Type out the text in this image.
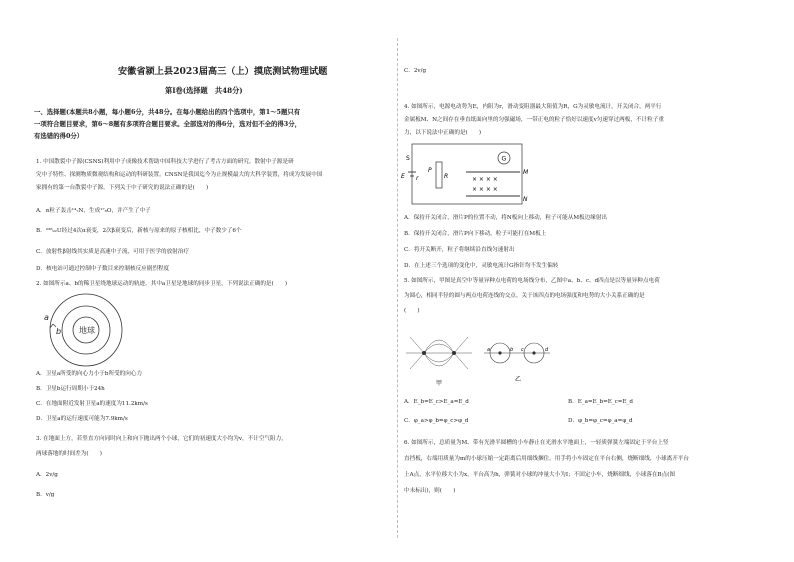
安徽省颍上县2023届高三（上）摸底测试物理试题
第Ⅰ卷(选择题　共48分)
一、选择题(本题共8小题，每小题6分，共48分。在每小题给出的四个选项中，第1～5题只有
一项符合题目要求，第6～8题有多项符合题目要求。全部选对的得6分，选对但不全的得3分，
有选错的得0分）
1. 中国散裂中子源(CSNS)利用中子成像技术帮助中国科技大学进行了考古方面的研究。散射中子源是研
究中子特性、探测物质微观结构和运动的科研装置。CNSN是我国迄今为止规模最大的大科学装置，将成为发展中国
家拥有的第一台散裂中子源。下列关于中子研究的说法正确的是(　　)
A．α粒子轰击¹⁴₇N，生成¹⁷₈O，并产生了中子
B．²³⁸₉₂U经过4次α衰变，2次β衰变后，新核与原来的原子核相比，中子数少了6个
C．放射性β射线其实质是高速中子流，可用于医学的放射治疗
D．核电站可通过控制中子数目来控制核反应剧烈程度
2. 如图所示a、b的稀卫星绕地球运动的轨迹，其中a卫星是地球的同步卫星，下列说法正确的是(　　)
地球
a
b
A．卫星a所受的向心力小于b所受的向心力
B．卫星b运行周期小于24h
C．在地面附近发射卫星a的速度为11.2km/s
D．卫星a的运行速度可能为7.9km/s
3. 在地面上方，若竖直方向同时向上和向下抛出两个小球，它们的初速度大小均为v，不计空气阻力，
两球落地的时间差为(　　)
A．2v/g
B．v/g
C．2v/g
4. 如图所示，电源电动势为E，内阻为r，滑动变阻器最大阻值为R，G为灵敏电流计，开关闭合，两平行
金属板M、N之间存在垂直纸面向里的匀强磁场，一带正电的粒子恰好以速度v匀速穿过两板，不计粒子重
力，以下说法中正确的是(　　)
E r
S
R
P
G
M
N
× × × ×
× × × ×
A．保持开关闭合，滑片P的位置不动，将N板向上移动，粒子可能从M板边缘射出
B．保持开关闭合，滑片P向下移动，粒子可能打在M板上
C．将开关断开，粒子将继续沿直线匀速射出
D．在上述三个选项的变化中，灵敏电流计G指针均不发生偏转
5. 如图所示，甲图是真空中等量异种点电荷的电场线分布，乙图中a、b、c、d四点是以等量异种点电荷
为圆心，相同半径的圆与两点电荷连线的交点。关于该四点的电场强度和电势的大小关系正确的是
(　　)
甲
a	b c	d
乙
A．E_b=E_c>E_a=E_d	B．E_a=E_b=E_c=E_d
C．φ_a>φ_b=φ_c>φ_d	D．φ_b=φ_c=φ_a=φ_d
6. 如图所示，总质量为M、带有光滑半圆槽的小车静止在光滑水平地面上，一轻质弹簧左端固定于平台上竖
直挡板，右端用质量为m的小球压缩一定距离后用细线捆住。用手将小车固定在平台右侧，烧断细线，小球离开平台
上A点，水平位移大小为x，平台高为h，弹簧对小球的冲量大小为I；不固定小车，烧断细线，小球落在B点(图
中未标出)，则(　　)
